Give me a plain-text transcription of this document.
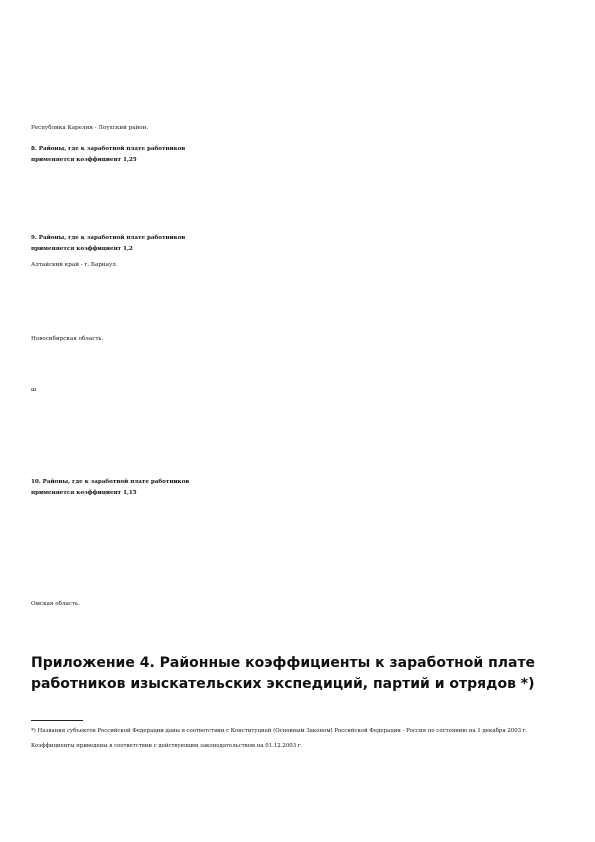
Республика Карелия - Лоухский район.

8. Районы, где к заработной плате работников

применяется коэффициент 1,25

9. Районы, где к заработной плате работников

применяется коэффициент 1,2

Алтайский край - г. Барнаул.

Новосибирская область.

ш

10. Районы, где к заработной плате работников

применяется коэффициент 1,15

Омская область.

Приложение 4. Районные коэффициенты к заработной плате работников изыскательских экспедиций, партий и отрядов *)

*) Названия субъектов Российской Федерации даны в соответствии с Конституцией (Основным Законом) Российской Федерации - Россия по состоянию на 1 декабря 2003 г.

Коэффициенты приведены в соответствии с действующим законодательством на 01.12.2003 г.
